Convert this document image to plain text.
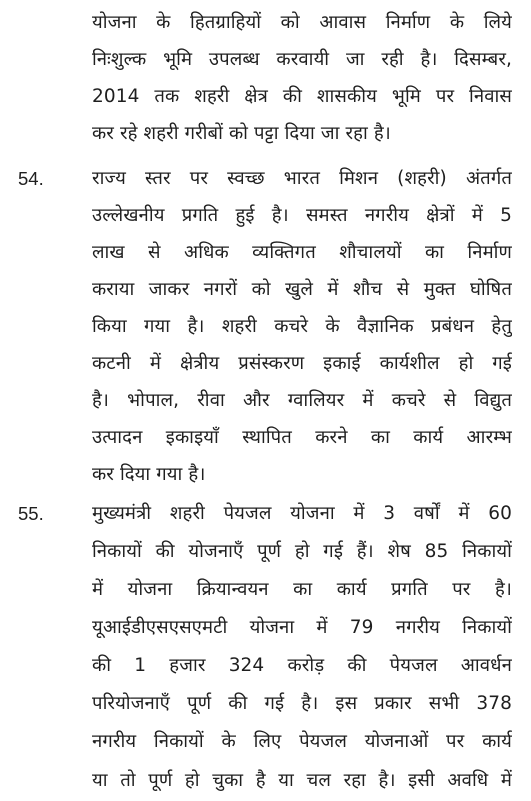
योजना के हितग्राहियों को आवास निर्माण के लिये
निःशुल्क भूमि उपलब्ध करवायी जा रही है। दिसम्बर,
2014 तक शहरी क्षेत्र की शासकीय भूमि पर निवास
कर रहे शहरी गरीबों को पट्टा दिया जा रहा है।
54.	राज्य स्तर पर स्वच्छ भारत मिशन (शहरी) अंतर्गत
उल्लेखनीय प्रगति हुई है। समस्त नगरीय क्षेत्रों में 5
लाख से अधिक व्यक्तिगत शौचालयों का निर्माण
कराया जाकर नगरों को खुले में शौच से मुक्त घोषित
किया गया है। शहरी कचरे के वैज्ञानिक प्रबंधन हेतु
कटनी में क्षेत्रीय प्रसंस्करण इकाई कार्यशील हो गई
है। भोपाल, रीवा और ग्वालियर में कचरे से विद्युत
उत्पादन इकाइयाँ स्थापित करने का कार्य आरम्भ
कर दिया गया है।
55.	मुख्यमंत्री शहरी पेयजल योजना में 3 वर्षों में 60
निकायों की योजनाएँ पूर्ण हो गई हैं। शेष 85 निकायों
में योजना क्रियान्वयन का कार्य प्रगति पर है।
यूआईडीएसएसएमटी योजना में 79 नगरीय निकायों
की 1 हजार 324 करोड़ की पेयजल आवर्धन
परियोजनाएँ पूर्ण की गई है। इस प्रकार सभी 378
नगरीय निकायों के लिए पेयजल योजनाओं पर कार्य
या तो पूर्ण हो चुका है या चल रहा है। इसी अवधि में
